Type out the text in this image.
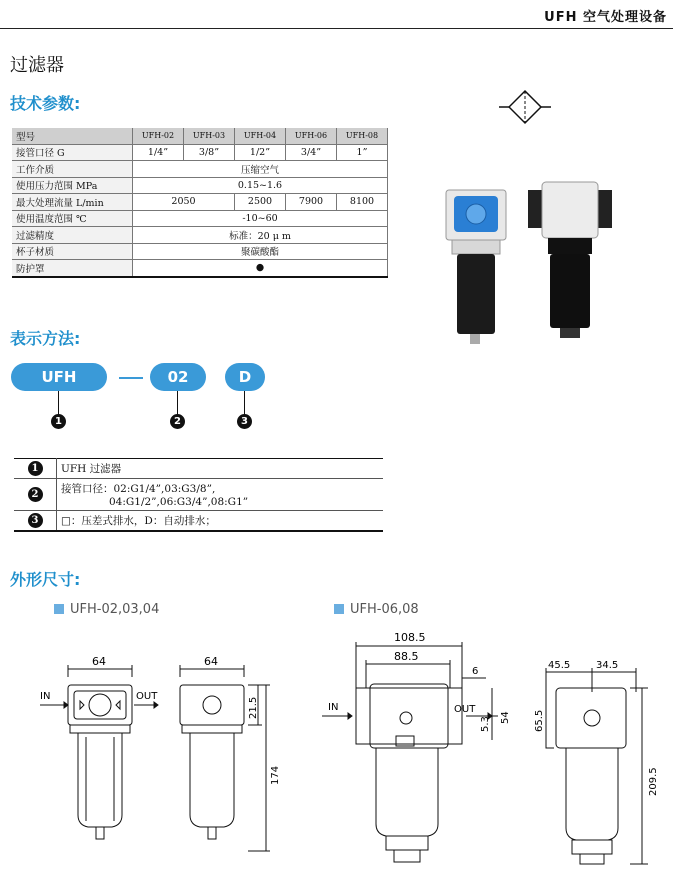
UFH 空气处理设备
过滤器
技术参数:
型号	UFH-02	UFH-03	UFH-04	UFH-06	UFH-08
接管口径 G	1/4”	3/8”	1/2”	3/4”	1”
工作介质	压缩空气				
使用压力范围 MPa	0.15~1.6				
最大处理流量 L/min	2050		2500	7900	8100
使用温度范围 ℃	-10~60				
过滤精度	标准：20 μ m				
杯子材质	聚碳酸酯				
防护罩	●				
表示方法:
UFH	02	D
1	2	3
1	UFH 过滤器
2	接管口径：02:G1/4”,03:G3/8”,
04:G1/2”,06:G3/4”,08:G1”

3	□：压差式排水，D：自动排水；
外形尺寸:
UFH-02,03,04	UFH-06,08
IN	OUT
64	64
21.5
174
IN	OUT
108.5
88.5
6
5.3 54
45.5	34.5
65.5
209.5
